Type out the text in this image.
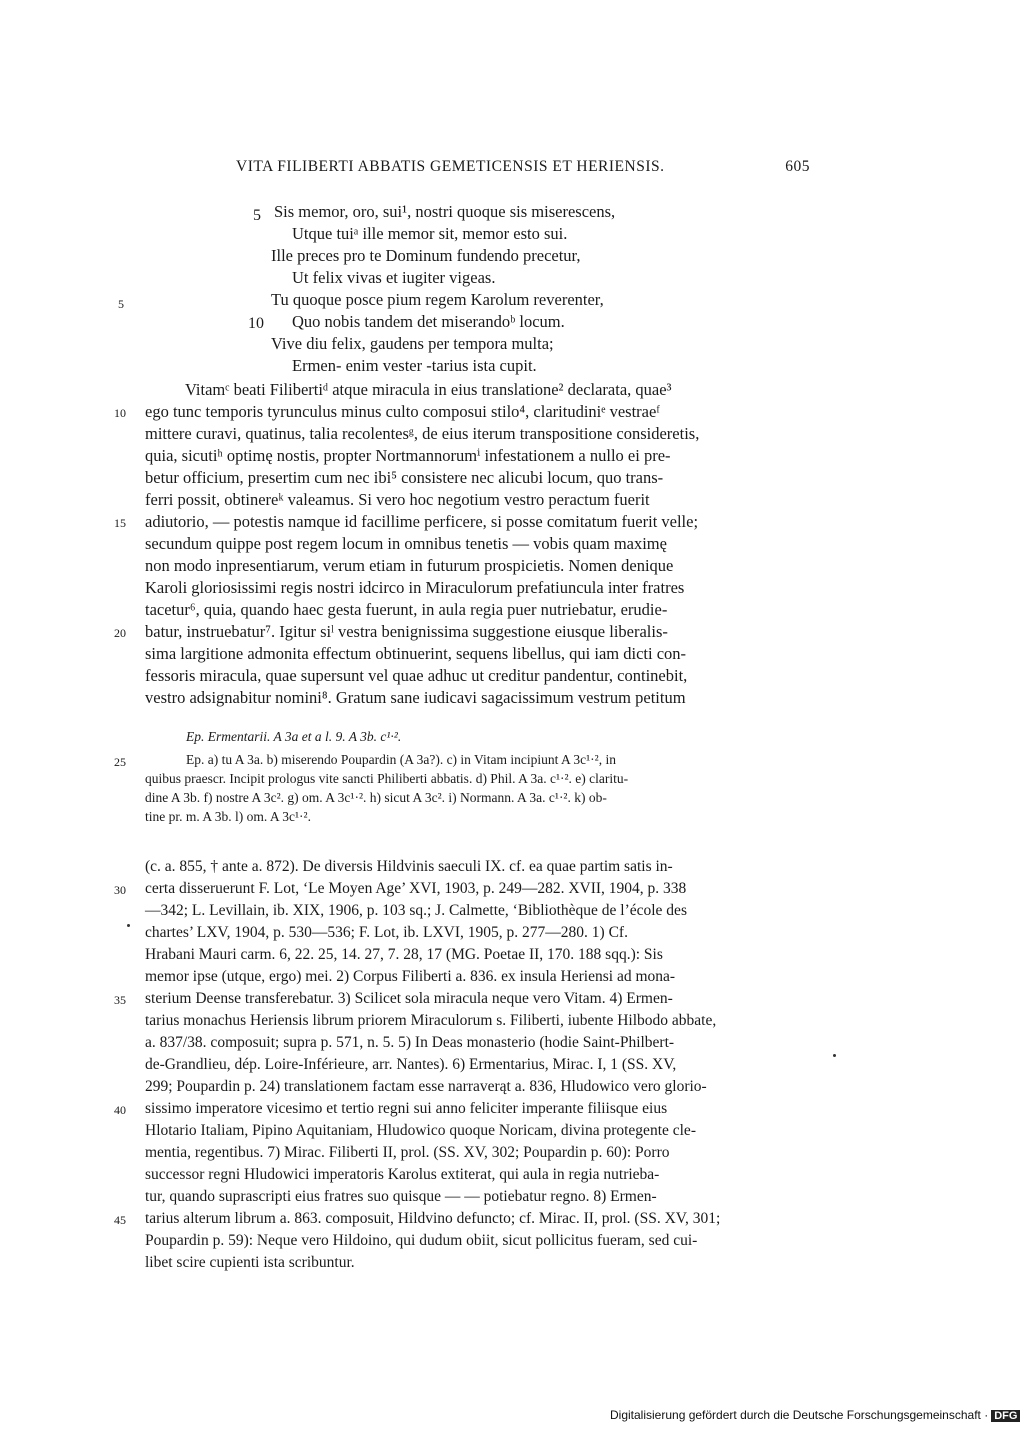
VITA FILIBERTI ABBATIS GEMETICENSIS ET HERIENSIS.	605
5 Sis memor, oro, sui¹, nostri quoque sis miserescens,
Utque tuiᵃ ille memor sit, memor esto sui.
Ille preces pro te Dominum fundendo precetur,
Ut felix vivas et iugiter vigeas.
Tu quoque posce pium regem Karolum reverenter,
10 Quo nobis tandem det miserandoᵇ locum.
Vive diu felix, gaudens per tempora multa;
Ermen- enim vester -tarius ista cupit.
Vitamᶜ beati Filibertiᵈ atque miracula in eius translatione² declarata, quae³
ego tunc temporis tyrunculus minus culto composui stilo⁴, claritudiniᵉ vestraeᶠ
mittere curavi, quatinus, talia recolentesᵍ, de eius iterum transpositione consideretis,
quia, sicutiʰ optimę nostis, propter Nortmannorumⁱ infestationem a nullo ei pre-
betur officium, presertim cum nec ibi⁵ consistere nec alicubi locum, quo trans-
ferri possit, obtinereᵏ valeamus. Si vero hoc negotium vestro peractum fuerit
adiutorio, — potestis namque id facillime perficere, si posse comitatum fuerit velle;
secundum quippe post regem locum in omnibus tenetis — vobis quam maximę
non modo inpresentiarum, verum etiam in futurum prospicietis. Nomen denique
Karoli gloriosissimi regis nostri idcirco in Miraculorum prefatiuncula inter fratres
tacetur⁶, quia, quando haec gesta fuerunt, in aula regia puer nutriebatur, erudie-
batur, instruebatur⁷. Igitur siˡ vestra benignissima suggestione eiusque liberalis-
sima largitione admonita effectum obtinuerint, sequens libellus, qui iam dicti con-
fessoris miracula, quae supersunt vel quae adhuc ut creditur pandentur, continebit,
vestro adsignabitur nomini⁸. Gratum sane iudicavi sagacissimum vestrum petitum
Ep. Ermentarii. A 3a et a l. 9. A 3b. c¹·².
Ep. a) tu A 3a. b) miserendo Poupardin (A 3a?). c) in Vitam incipiunt A 3c¹·², in
quibus praescr. Incipit prologus vite sancti Philiberti abbatis. d) Phil. A 3a. c¹·². e) claritu-
dine A 3b. f) nostre A 3c². g) om. A 3c¹·². h) sicut A 3c². i) Normann. A 3a. c¹·². k) ob-
tine pr. m. A 3b. l) om. A 3c¹·².
(c. a. 855, † ante a. 872). De diversis Hildvinis saeculi IX. cf. ea quae partim satis in-
certa disseruerunt F. Lot, ‘Le Moyen Age’ XVI, 1903, p. 249—282. XVII, 1904, p. 338
—342; L. Levillain, ib. XIX, 1906, p. 103 sq.; J. Calmette, ‘Bibliothèque de l’école des
chartes’ LXV, 1904, p. 530—536; F. Lot, ib. LXVI, 1905, p. 277—280. 1) Cf.
Hrabani Mauri carm. 6, 22. 25, 14. 27, 7. 28, 17 (MG. Poetae II, 170. 188 sqq.): Sis
memor ipse (utque, ergo) mei. 2) Corpus Filiberti a. 836. ex insula Heriensi ad mona-
sterium Deense transferebatur. 3) Scilicet sola miracula neque vero Vitam. 4) Ermen-
tarius monachus Heriensis librum priorem Miraculorum s. Filiberti, iubente Hilbodo abbate,
a. 837/38. composuit; supra p. 571, n. 5. 5) In Deas monasterio (hodie Saint-Philbert-
de-Grandlieu, dép. Loire-Inférieure, arr. Nantes). 6) Ermentarius, Mirac. I, 1 (SS. XV,
299; Poupardin p. 24) translationem factam esse narraverąt a. 836, Hludowico vero glorio-
sissimo imperatore vicesimo et tertio regni sui anno feliciter imperante filiisque eius
Hlotario Italiam, Pipino Aquitaniam, Hludowico quoque Noricam, divina protegente cle-
mentia, regentibus. 7) Mirac. Filiberti II, prol. (SS. XV, 302; Poupardin p. 60): Porro
successor regni Hludowici imperatoris Karolus extiterat, qui aula in regia nutrieba-
tur, quando suprascripti eius fratres suo quisque — — potiebatur regno. 8) Ermen-
tarius alterum librum a. 863. composuit, Hildvino defuncto; cf. Mirac. II, prol. (SS. XV, 301;
Poupardin p. 59): Neque vero Hildoino, qui dudum obiit, sicut pollicitus fueram, sed cui-
libet scire cupienti ista scribuntur.
5
10
15
20
25
30
35
40
45
Digitalisierung gefördert durch die Deutsche Forschungsgemeinschaft · DFG
